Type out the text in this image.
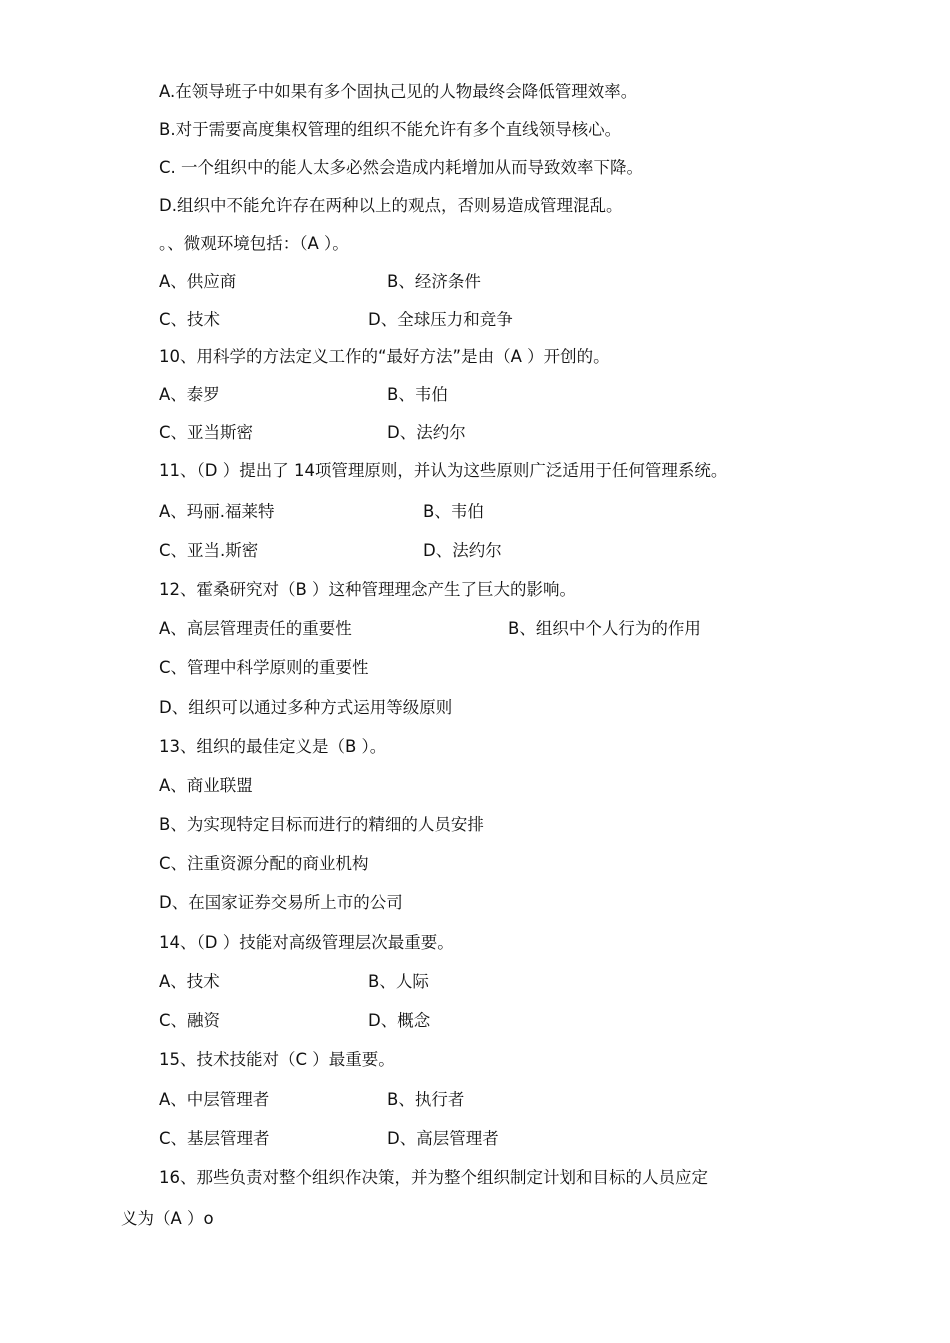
A.在领导班子中如果有多个固执己见的人物最终会降低管理效率。
B.对于需要高度集权管理的组织不能允许有多个直线领导核心。
C. 一个组织中的能人太多必然会造成内耗增加从而导致效率下降。
D.组织中不能允许存在两种以上的观点，否则易造成管理混乱。
。、微观环境包括：（A ）。

A、供应商

	B、经济条件

C、技术

	D、全球压力和竞争

10、用科学的方法定义工作的“最好方法”是由（A ）开创的。

A、泰罗

	B、韦伯

C、亚当斯密

	D、法约尔

11、（D ）提出了 14项管理原则，并认为这些原则广泛适用于任何管理系统。

A、玛丽.福莱特

	B、韦伯

C、亚当.斯密

	D、法约尔

12、霍桑研究对（B ）这种管理理念产生了巨大的影响。

A、高层管理责任的重要性

	B、组织中个人行为的作用

C、管理中科学原则的重要性
D、组织可以通过多种方式运用等级原则
13、组织的最佳定义是（B ）。
A、商业联盟
B、为实现特定目标而进行的精细的人员安排
C、注重资源分配的商业机构
D、在国家证券交易所上市的公司
14、（D ）技能对高级管理层次最重要。

A、技术

	B、人际

C、融资

	D、概念

15、技术技能对（C ）最重要。

A、中层管理者

	B、执行者

C、基层管理者

	D、高层管理者

16、那些负责对整个组织作决策，并为整个组织制定计划和目标的人员应定
义为（A ）o
